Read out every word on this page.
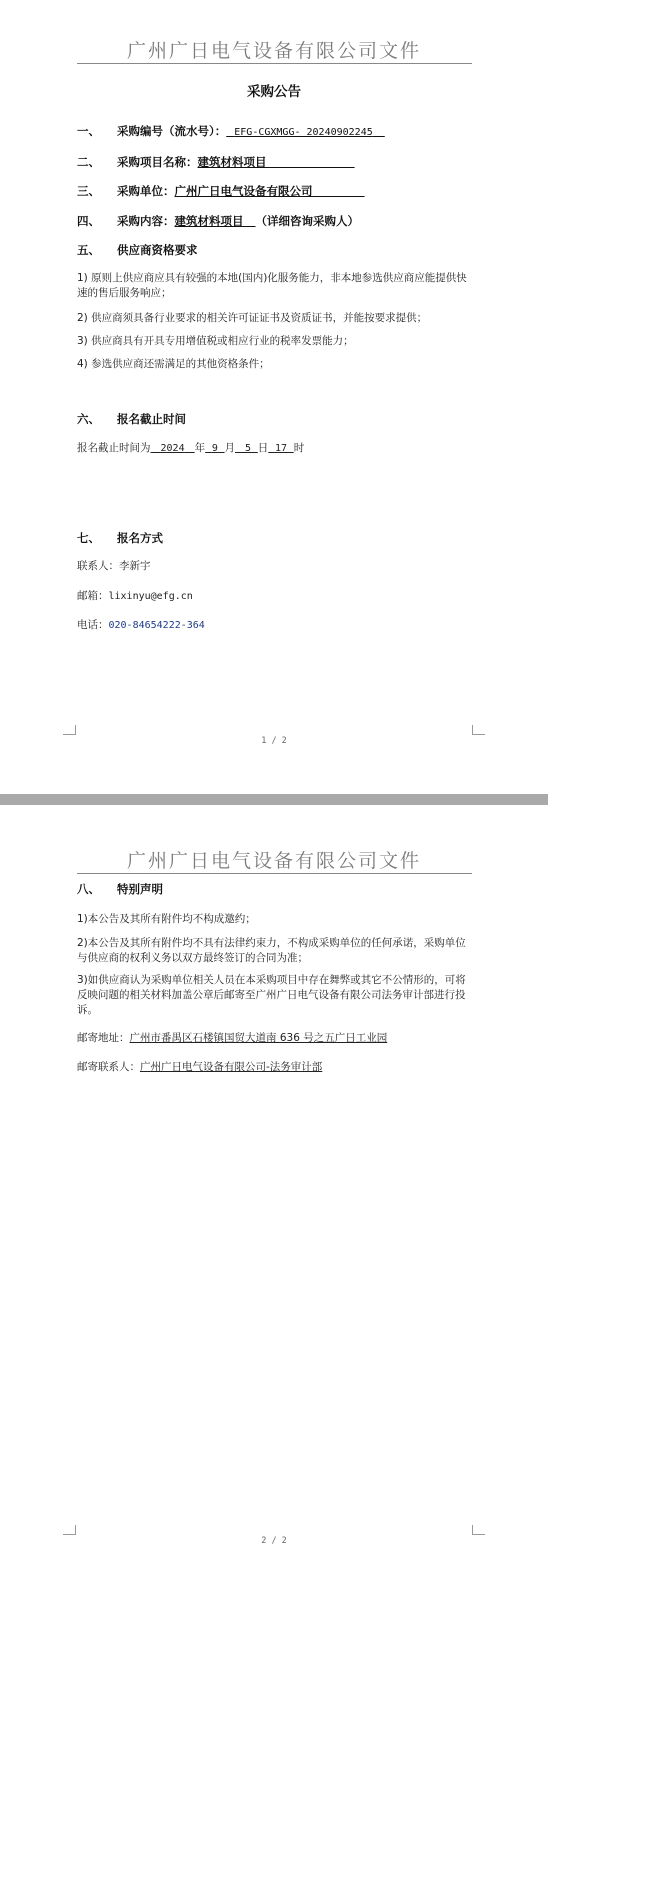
广州广日电气设备有限公司文件
采购公告
一、 采购编号（流水号）： EFG-CGXMGG- 20240902245
二、 采购项目名称：建筑材料项目
三、 采购单位：广州广日电气设备有限公司
四、 采购内容：建筑材料项目 （详细咨询采购人）
五、 供应商资格要求
1) 原则上供应商应具有较强的本地(国内)化服务能力，非本地参选供应商应能提供快速的售后服务响应；
2) 供应商须具备行业要求的相关许可证证书及资质证书，并能按要求提供；
3) 供应商具有开具专用增值税或相应行业的税率发票能力；
4) 参选供应商还需满足的其他资格条件；
六、 报名截止时间
报名截止时间为 2024 年 9 月 5 日 17 时
七、 报名方式
联系人：李新宇
邮箱：lixinyu@efg.cn
电话：020-84654222-364
1 / 2
广州广日电气设备有限公司文件
八、 特别声明
1)本公告及其所有附件均不构成邀约；
2)本公告及其所有附件均不具有法律约束力，不构成采购单位的任何承诺，采购单位与供应商的权利义务以双方最终签订的合同为准；
3)如供应商认为采购单位相关人员在本采购项目中存在舞弊或其它不公情形的，可将反映问题的相关材料加盖公章后邮寄至广州广日电气设备有限公司法务审计部进行投诉。
邮寄地址：广州市番禺区石楼镇国贸大道南 636 号之五广日工业园
邮寄联系人：广州广日电气设备有限公司-法务审计部
2 / 2
